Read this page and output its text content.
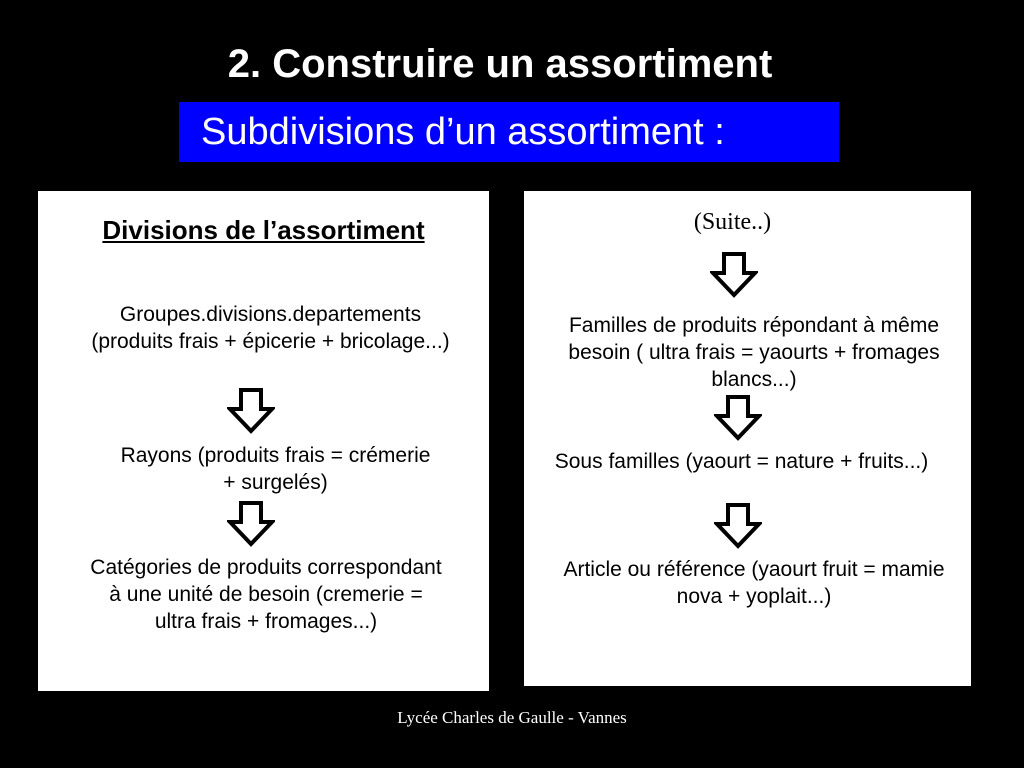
2. Construire un assortiment
Subdivisions d’un assortiment :
Divisions de l’assortiment
Groupes.divisions.departements (produits frais + épicerie + bricolage...)
Rayons (produits frais = crémerie + surgelés)
Catégories de produits correspondant à une unité de besoin (cremerie = ultra frais + fromages...)
(Suite..)
Familles de produits répondant à même besoin ( ultra frais = yaourts + fromages blancs...)
Sous familles (yaourt = nature + fruits...)
Article ou référence (yaourt fruit = mamie nova + yoplait...)
Lycée Charles de Gaulle - Vannes
